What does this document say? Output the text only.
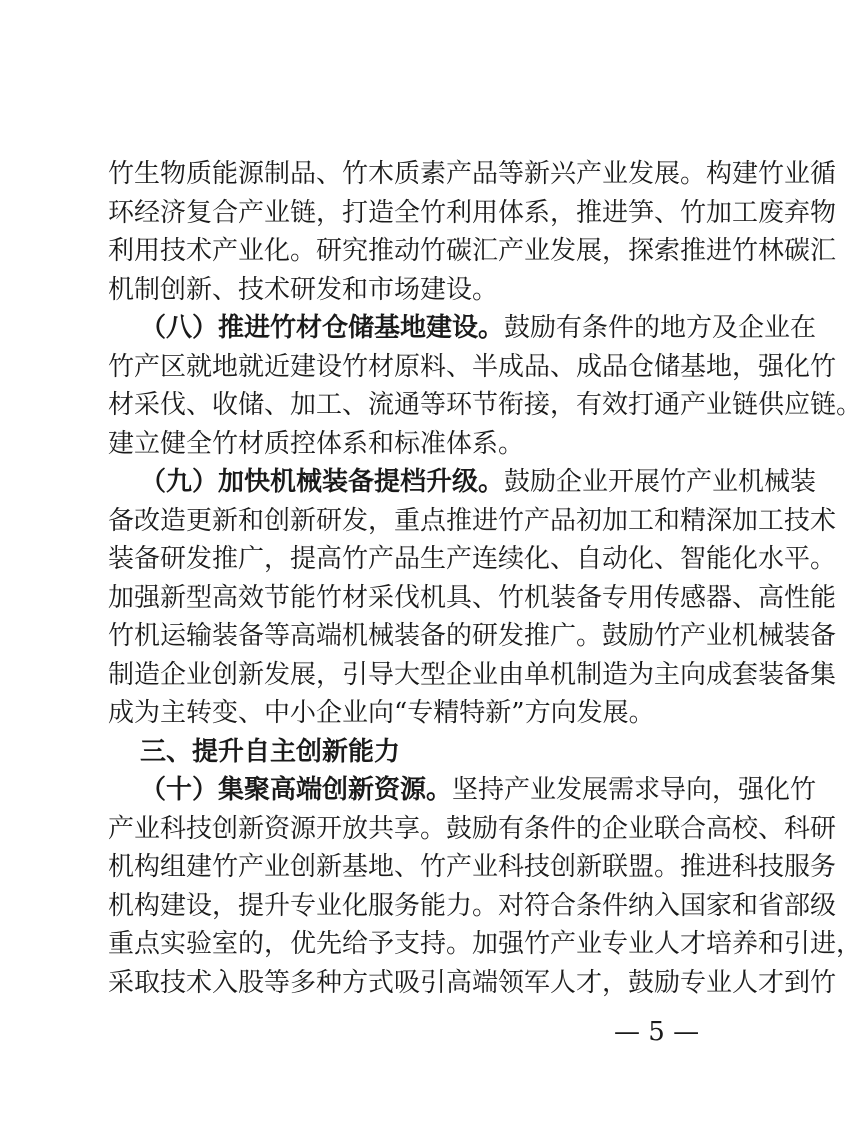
竹生物质能源制品、竹木质素产品等新兴产业发展。构建竹业循
环经济复合产业链，打造全竹利用体系，推进笋、竹加工废弃物
利用技术产业化。研究推动竹碳汇产业发展，探索推进竹林碳汇
机制创新、技术研发和市场建设。
（八）推进竹材仓储基地建设。鼓励有条件的地方及企业在
竹产区就地就近建设竹材原料、半成品、成品仓储基地，强化竹
材采伐、收储、加工、流通等环节衔接，有效打通产业链供应链。
建立健全竹材质控体系和标准体系。
（九）加快机械装备提档升级。鼓励企业开展竹产业机械装
备改造更新和创新研发，重点推进竹产品初加工和精深加工技术
装备研发推广，提高竹产品生产连续化、自动化、智能化水平。
加强新型高效节能竹材采伐机具、竹机装备专用传感器、高性能
竹机运输装备等高端机械装备的研发推广。鼓励竹产业机械装备
制造企业创新发展，引导大型企业由单机制造为主向成套装备集
成为主转变、中小企业向“专精特新”方向发展。
三、提升自主创新能力
（十）集聚高端创新资源。坚持产业发展需求导向，强化竹
产业科技创新资源开放共享。鼓励有条件的企业联合高校、科研
机构组建竹产业创新基地、竹产业科技创新联盟。推进科技服务
机构建设，提升专业化服务能力。对符合条件纳入国家和省部级
重点实验室的，优先给予支持。加强竹产业专业人才培养和引进，
采取技术入股等多种方式吸引高端领军人才，鼓励专业人才到竹
— 5 —
